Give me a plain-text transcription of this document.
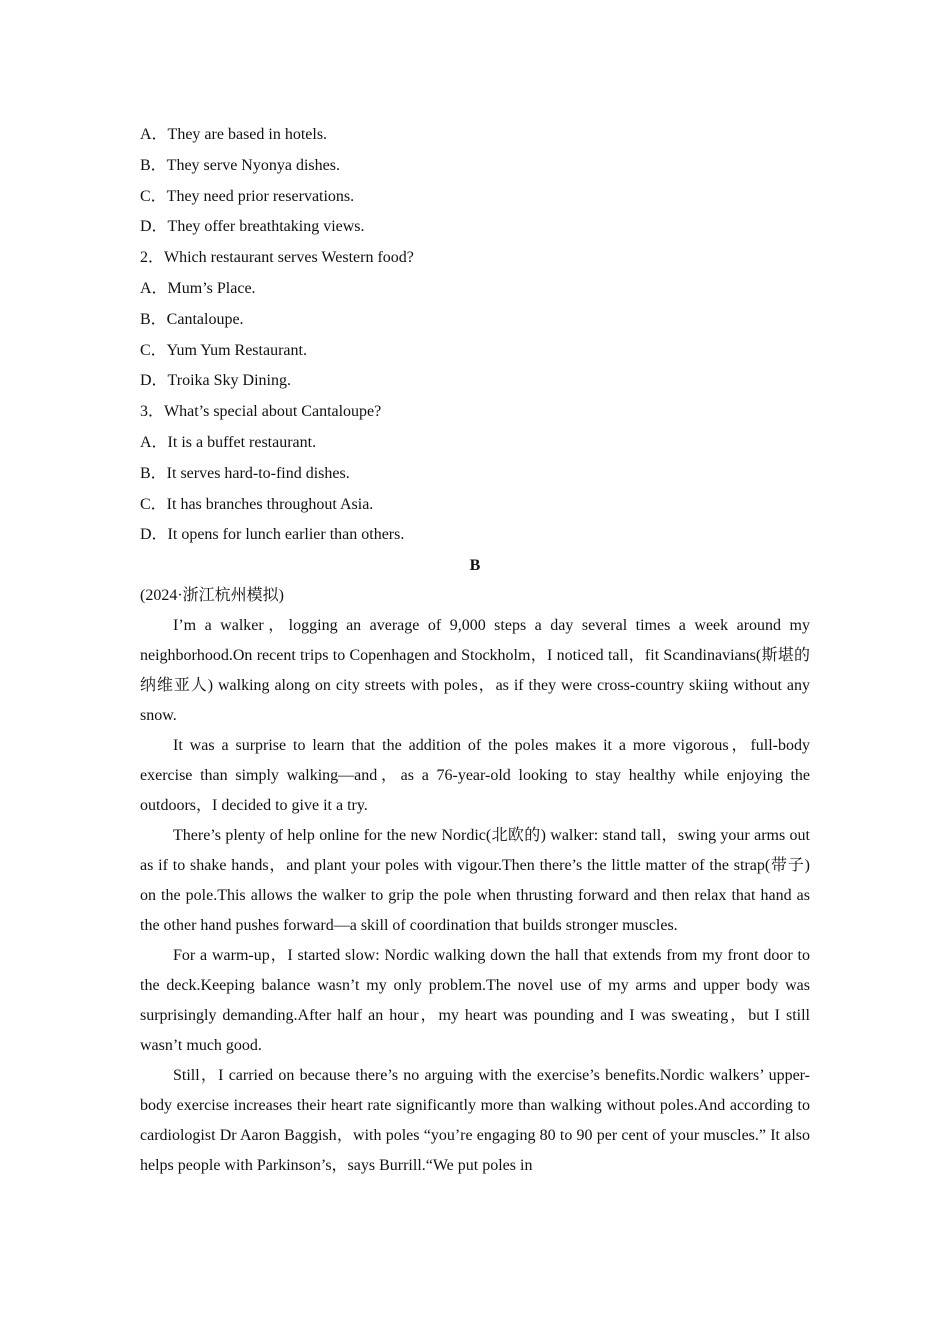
A．They are based in hotels.
B．They serve Nyonya dishes.
C．They need prior reservations.
D．They offer breathtaking views.
2．Which restaurant serves Western food?
A．Mum’s Place.
B．Cantaloupe.
C．Yum Yum Restaurant.
D．Troika Sky Dining.
3．What’s special about Cantaloupe?
A．It is a buffet restaurant.
B．It serves hard-to-find dishes.
C．It has branches throughout Asia.
D．It opens for lunch earlier than others.
B
(2024·浙江杭州模拟)

I’m a walker，logging an average of 9,000 steps a day several times a week around my neighborhood.On recent trips to Copenhagen and Stockholm，I noticed tall，fit Scandinavians(斯堪的纳维亚人) walking along on city streets with poles，as if they were cross-country skiing without any snow.

It was a surprise to learn that the addition of the poles makes it a more vigorous，full-body exercise than simply walking—and，as a 76-year-old looking to stay healthy while enjoying the outdoors，I decided to give it a try.

There’s plenty of help online for the new Nordic(北欧的) walker: stand tall，swing your arms out as if to shake hands，and plant your poles with vigour.Then there’s the little matter of the strap(带子) on the pole.This allows the walker to grip the pole when thrusting forward and then relax that hand as the other hand pushes forward—a skill of coordination that builds stronger muscles.

For a warm-up，I started slow: Nordic walking down the hall that extends from my front door to the deck.Keeping balance wasn’t my only problem.The novel use of my arms and upper body was surprisingly demanding.After half an hour，my heart was pounding and I was sweating，but I still wasn’t much good.

Still，I carried on because there’s no arguing with the exercise’s benefits.Nordic walkers’ upper-body exercise increases their heart rate significantly more than walking without poles.And according to cardiologist Dr Aaron Baggish，with poles “you’re engaging 80 to 90 per cent of your muscles.” It also helps people with Parkinson’s，says Burrill.“We put poles in
